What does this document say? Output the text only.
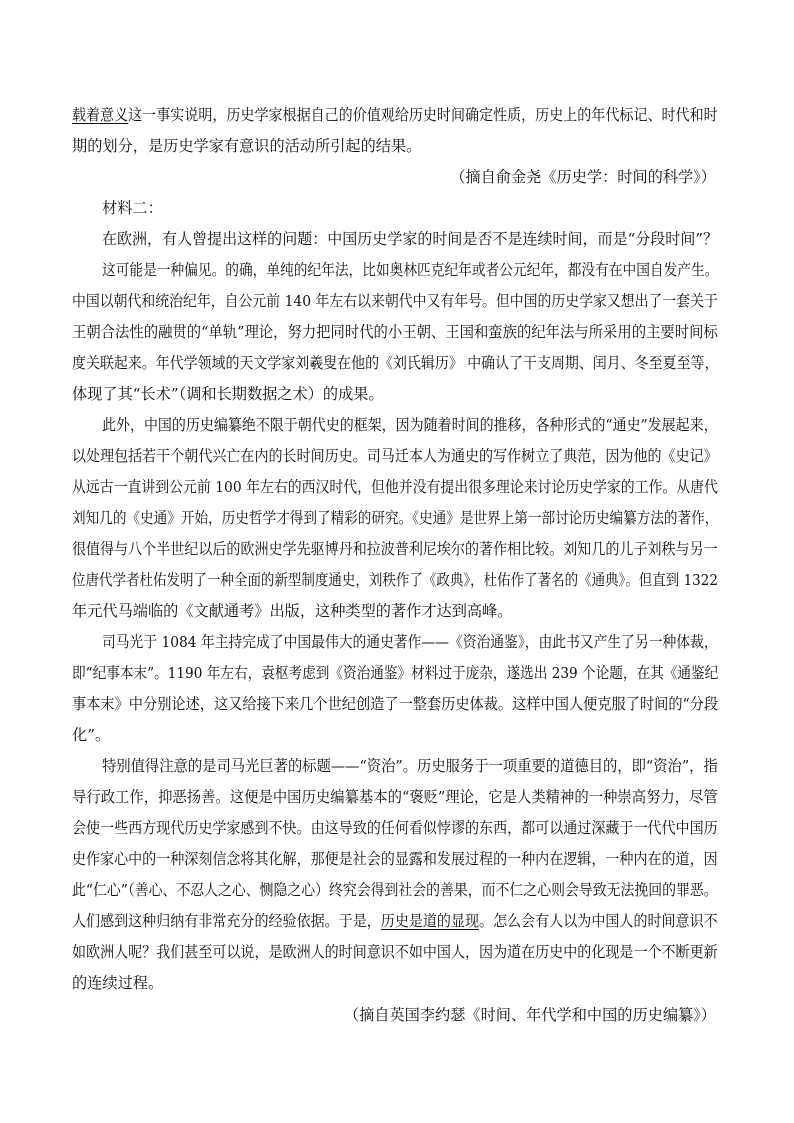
载着意义这一事实说明，历史学家根据自己的价值观给历史时间确定性质，历史上的年代标记、时代和时
期的划分，是历史学家有意识的活动所引起的结果。

（摘自俞金尧《历史学：时间的科学》）

材料二：
在欧洲，有人曾提出这样的问题：中国历史学家的时间是否不是连续时间，而是“分段时间”？
这可能是一种偏见。的确，单纯的纪年法，比如奥林匹克纪年或者公元纪年，都没有在中国自发产生。
中国以朝代和统治纪年，自公元前 140 年左右以来朝代中又有年号。但中国的历史学家又想出了一套关于
王朝合法性的融贯的“单轨”理论，努力把同时代的小王朝、王国和蛮族的纪年法与所采用的主要时间标
度关联起来。年代学领域的天文学家刘羲叟在他的《刘氏辑历》 中确认了干支周期、闰月、冬至夏至等，
体现了其“长术”（调和长期数据之术）的成果。
此外，中国的历史编纂绝不限于朝代史的框架，因为随着时间的推移，各种形式的“通史”发展起来，
以处理包括若干个朝代兴亡在内的长时间历史。司马迁本人为通史的写作树立了典范，因为他的《史记》
从远古一直讲到公元前 100 年左右的西汉时代，但他并没有提出很多理论来讨论历史学家的工作。从唐代
刘知几的《史通》开始，历史哲学才得到了精彩的研究。《史通》是世界上第一部讨论历史编纂方法的著作，
很值得与八个半世纪以后的欧洲史学先驱博丹和拉波普利尼埃尔的著作相比较。刘知几的儿子刘秩与另一
位唐代学者杜佑发明了一种全面的新型制度通史，刘秩作了《政典》，杜佑作了著名的《通典》。但直到 1322
年元代马端临的《文献通考》出版，这种类型的著作才达到高峰。
司马光于 1084 年主持完成了中国最伟大的通史著作——《资治通鉴》，由此书又产生了另一种体裁，
即“纪事本末”。1190 年左右，袁枢考虑到《资治通鉴》材料过于庞杂，遂选出 239 个论题，在其《通鉴纪
事本末》中分别论述，这又给接下来几个世纪创造了一整套历史体裁。这样中国人便克服了时间的“分段
化”。
特别值得注意的是司马光巨著的标题——“资治”。历史服务于一项重要的道德目的，即“资治”，指
导行政工作，抑恶扬善。这便是中国历史编纂基本的“褒贬”理论，它是人类精神的一种崇高努力，尽管
会使一些西方现代历史学家感到不快。由这导致的任何看似悖谬的东西，都可以通过深藏于一代代中国历
史作家心中的一种深刻信念将其化解，那便是社会的显露和发展过程的一种内在逻辑，一种内在的道，因
此“仁心”（善心、不忍人之心、恻隐之心）终究会得到社会的善果，而不仁之心则会导致无法挽回的罪恶。
人们感到这种归纳有非常充分的经验依据。于是，历史是道的显现。怎么会有人以为中国人的时间意识不
如欧洲人呢？我们甚至可以说，是欧洲人的时间意识不如中国人，因为道在历史中的化现是一个不断更新
的连续过程。

（摘自英国李约瑟《时间、年代学和中国的历史编纂》）
